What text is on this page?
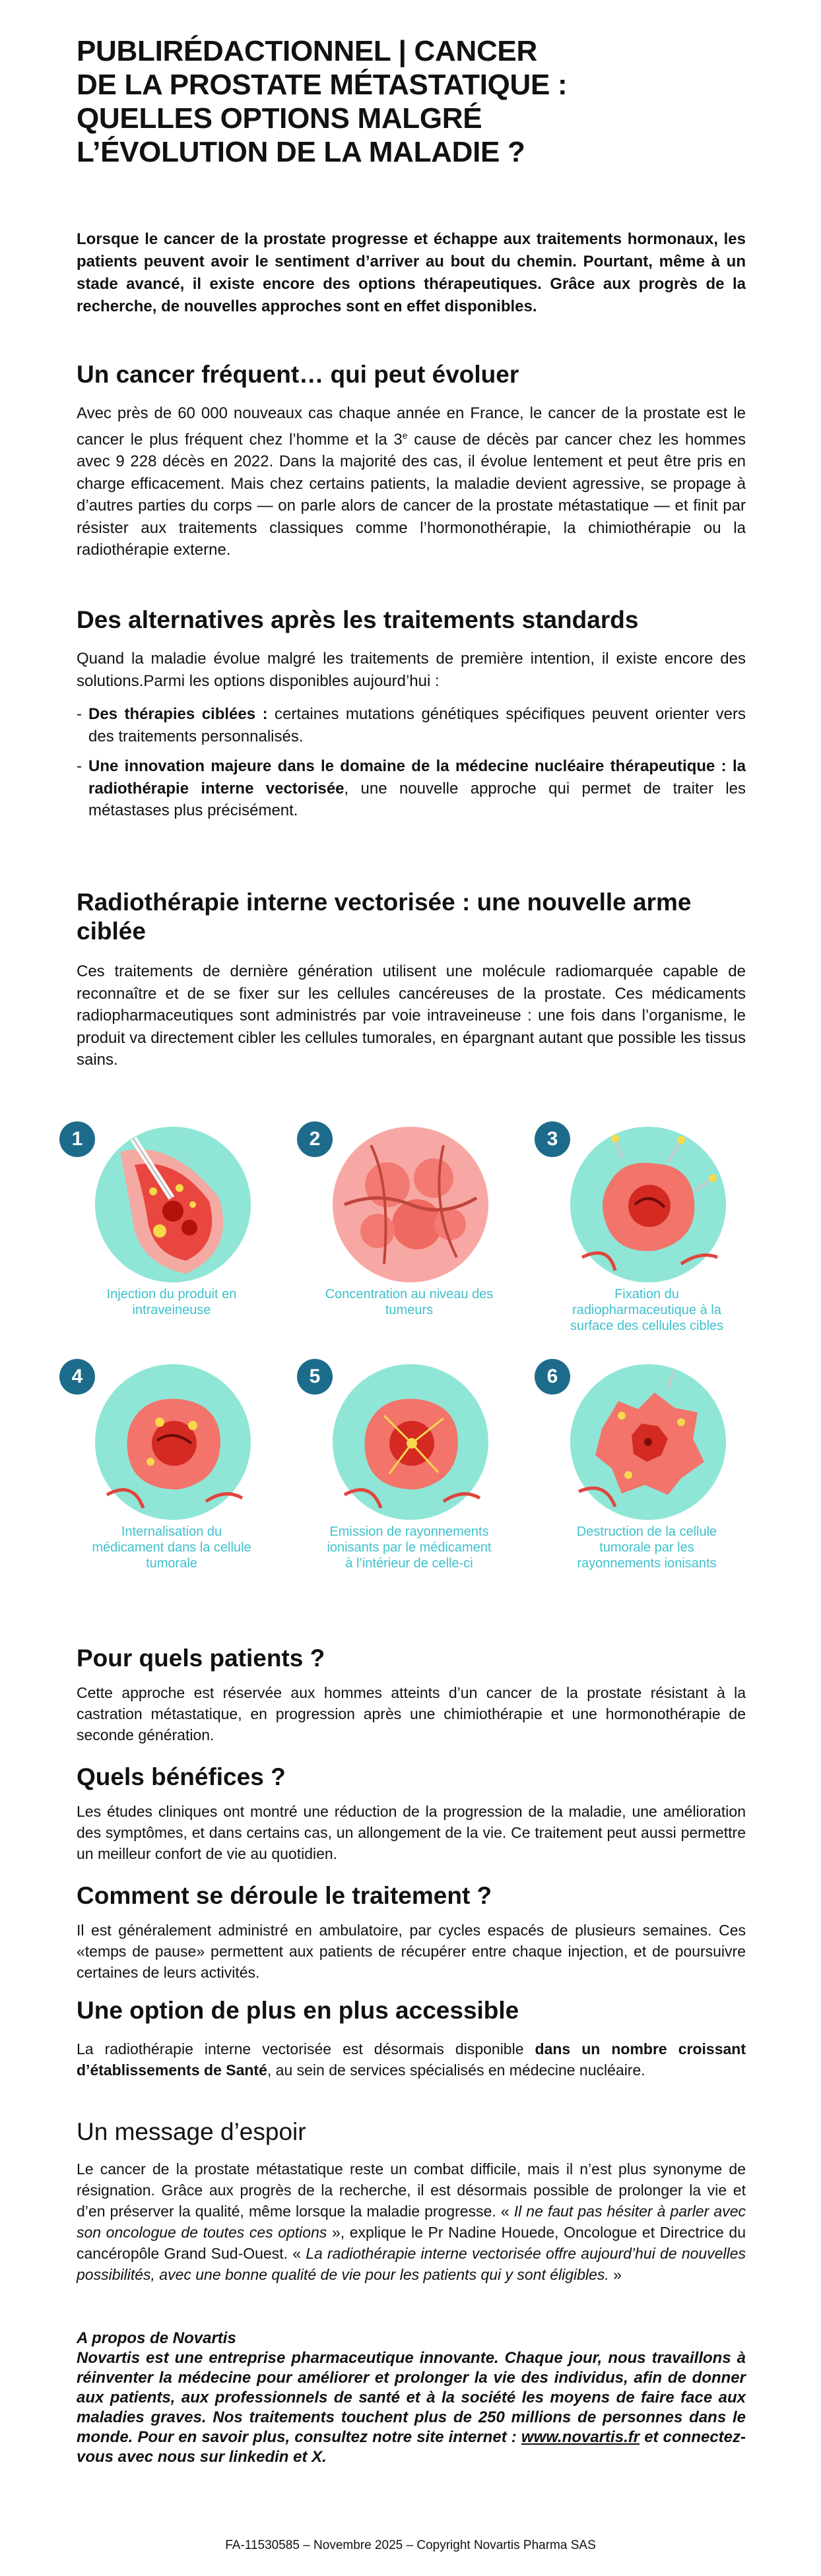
PUBLIRÉDACTIONNEL | CANCER
DE LA PROSTATE MÉTASTATIQUE :
QUELLES OPTIONS MALGRÉ
L’ÉVOLUTION DE LA MALADIE ?

Lorsque le cancer de la prostate progresse et échappe aux traitements hormonaux, les patients peuvent avoir le sentiment d’arriver au bout du chemin. Pourtant, même à un stade avancé, il existe encore des options thérapeutiques. Grâce aux progrès de la recherche, de nouvelles approches sont en effet disponibles.

Un cancer fréquent… qui peut évoluer

Avec près de 60 000 nouveaux cas chaque année en France, le cancer de la prostate est le cancer le plus fréquent chez l’homme et la 3e cause de décès par cancer chez les hommes avec 9 228 décès en 2022. Dans la majorité des cas, il évolue lentement et peut être pris en charge efficacement. Mais chez certains patients, la maladie devient agressive, se propage à d’autres parties du corps — on parle alors de cancer de la prostate métastatique — et finit par résister aux traitements classiques comme l’hormonothérapie, la chimiothérapie ou la radiothérapie externe.

Des alternatives après les traitements standards

Quand la maladie évolue malgré les traitements de première intention, il existe encore des solutions.Parmi les options disponibles aujourd’hui :

- Des thérapies ciblées : certaines mutations génétiques spécifiques peuvent orienter vers des traitements personnalisés.
- Une innovation majeure dans le domaine de la médecine nucléaire thérapeutique : la radiothérapie interne vectorisée, une nouvelle approche qui permet de traiter les métastases plus précisément.
Radiothérapie interne vectorisée : une nouvelle arme ciblée

Ces traitements de dernière génération utilisent une molécule radiomarquée capable de reconnaître et de se fixer sur les cellules cancéreuses de la prostate. Ces médicaments radiopharmaceutiques sont administrés par voie intraveineuse : une fois dans l’organisme, le produit va directement cibler les cellules tumorales, en épargnant autant que possible les tissus sains.

1
Injection du produit en intraveineuse
2
Concentration au niveau des tumeurs
3
Fixation du radiopharmaceutique à la surface des cellules cibles
4
Internalisation du médicament dans la cellule tumorale
5
Emission de rayonnements ionisants par le médicament à l’intérieur de celle-ci
6
Destruction de la cellule tumorale par les rayonnements ionisants
Pour quels patients ?

Cette approche est réservée aux hommes atteints d’un cancer de la prostate résistant à la castration métastatique, en progression après une chimiothérapie et une hormonothérapie de seconde génération.

Quels bénéfices ?

Les études cliniques ont montré une réduction de la progression de la maladie, une amélioration des symptômes, et dans certains cas, un allongement de la vie. Ce traitement peut aussi permettre un meilleur confort de vie au quotidien.

Comment se déroule le traitement ?

Il est généralement administré en ambulatoire, par cycles espacés de plusieurs semaines. Ces «temps de pause» permettent aux patients de récupérer entre chaque injection, et de poursuivre certaines de leurs activités.

Une option de plus en plus accessible

La radiothérapie interne vectorisée est désormais disponible dans un nombre croissant d’établissements de Santé, au sein de services spécialisés en médecine nucléaire.

Un message d’espoir

Le cancer de la prostate métastatique reste un combat difficile, mais il n’est plus synonyme de résignation. Grâce aux progrès de la recherche, il est désormais possible de prolonger la vie et d’en préserver la qualité, même lorsque la maladie progresse. « Il ne faut pas hésiter à parler avec son oncologue de toutes ces options », explique le Pr Nadine Houede, Oncologue et Directrice du cancéropôle Grand Sud-Ouest. « La radiothérapie interne vectorisée offre aujourd’hui de nouvelles possibilités, avec une bonne qualité de vie pour les patients qui y sont éligibles. »

A propos de Novartis

Novartis est une entreprise pharmaceutique innovante. Chaque jour, nous travaillons à réinventer la médecine pour améliorer et prolonger la vie des individus, afin de donner aux patients, aux professionnels de santé et à la société les moyens de faire face aux maladies graves. Nos traitements touchent plus de 250 millions de personnes dans le monde. Pour en savoir plus, consultez notre site internet : www.novartis.fr et connectez-vous avec nous sur linkedin et X.

FA-11530585 – Novembre 2025 – Copyright Novartis Pharma SAS
